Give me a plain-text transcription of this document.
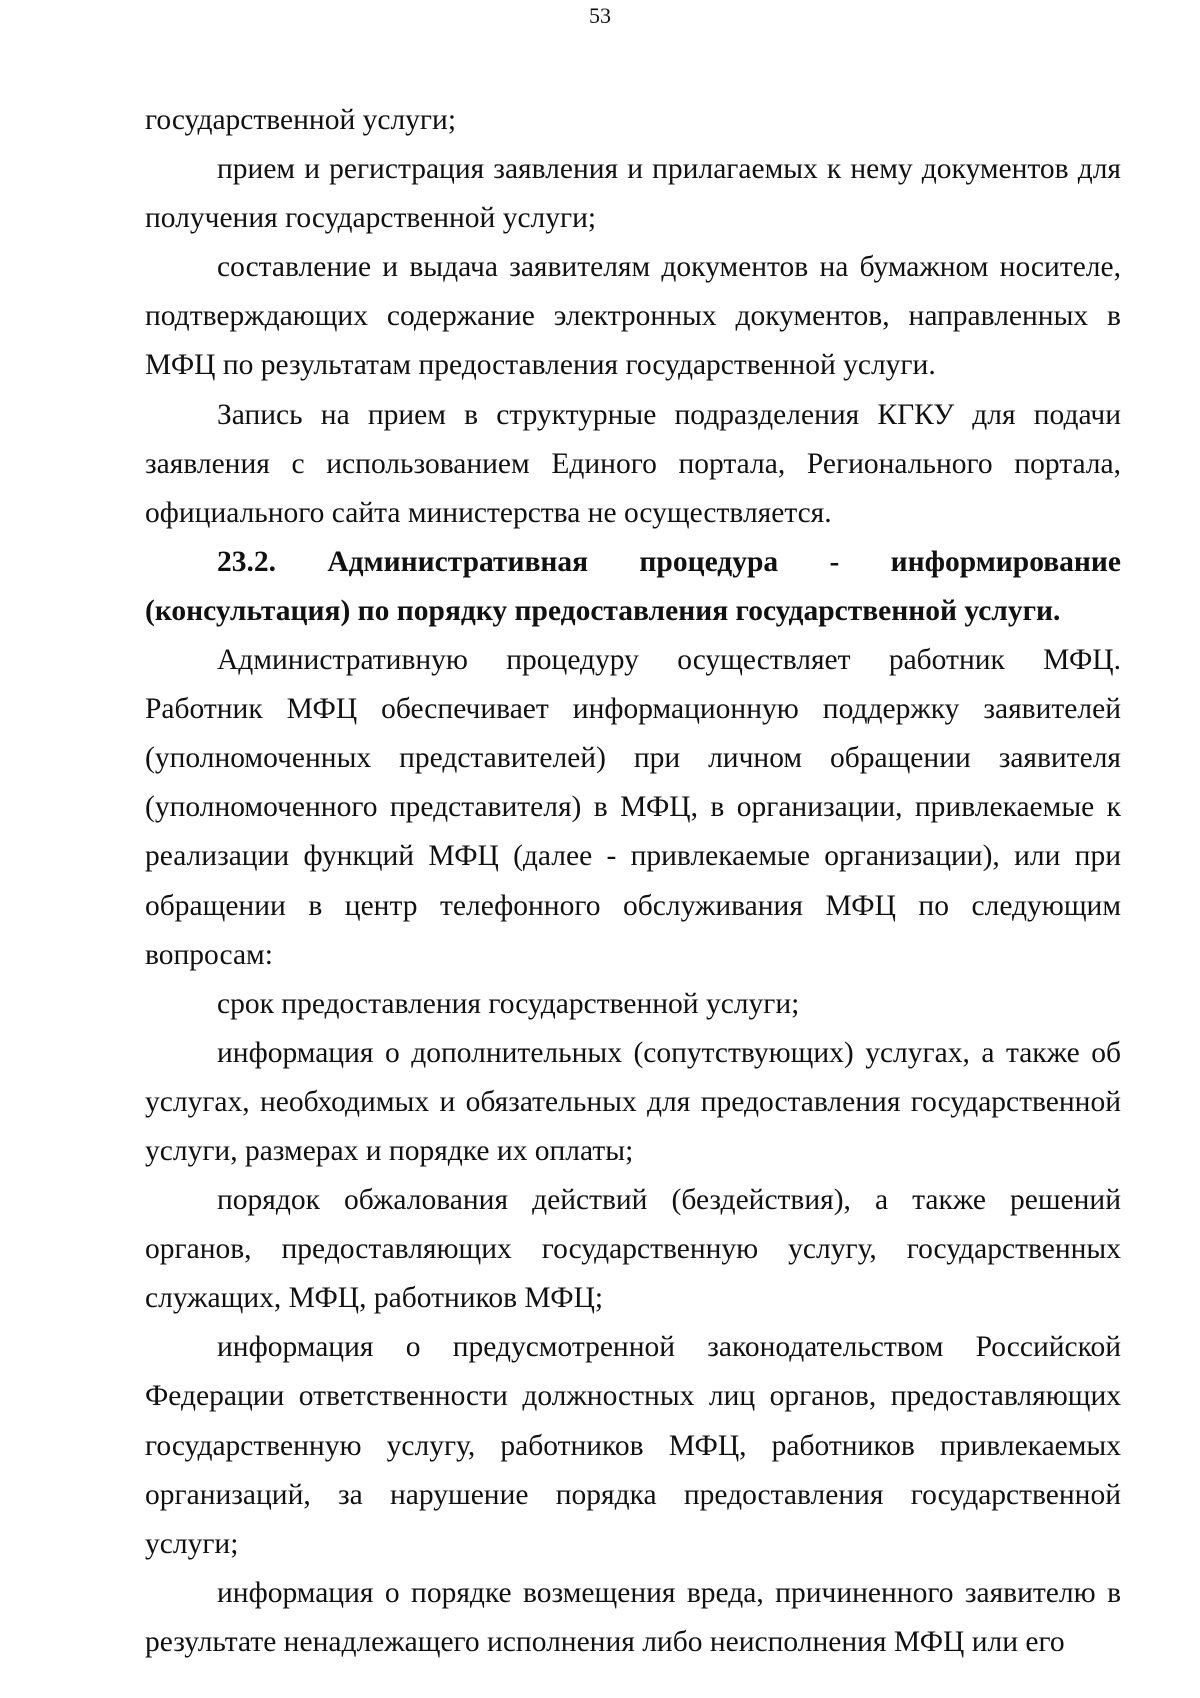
53

государственной услуги;

прием и регистрация заявления и прилагаемых к нему документов для получения государственной услуги;

составление и выдача заявителям документов на бумажном носителе, подтверждающих содержание электронных документов, направленных в МФЦ по результатам предоставления государственной услуги.

Запись на прием в структурные подразделения КГКУ для подачи заявления с использованием Единого портала, Регионального портала, официального сайта министерства не осуществляется.

23.2. Административная процедура - информирование (консультация) по порядку предоставления государственной услуги.

Административную процедуру осуществляет работник МФЦ. Работник МФЦ обеспечивает информационную поддержку заявителей (уполномоченных представителей) при личном обращении заявителя (уполномоченного представителя) в МФЦ, в организации, привлекаемые к реализации функций МФЦ (далее - привлекаемые организации), или при обращении в центр телефонного обслуживания МФЦ по следующим вопросам:

срок предоставления государственной услуги;

информация о дополнительных (сопутствующих) услугах, а также об услугах, необходимых и обязательных для предоставления государственной услуги, размерах и порядке их оплаты;

порядок обжалования действий (бездействия), а также решений органов, предоставляющих государственную услугу, государственных служащих, МФЦ, работников МФЦ;

информация о предусмотренной законодательством Российской Федерации ответственности должностных лиц органов, предоставляющих государственную услугу, работников МФЦ, работников привлекаемых организаций, за нарушение порядка предоставления государственной услуги;

информация о порядке возмещения вреда, причиненного заявителю в результате ненадлежащего исполнения либо неисполнения МФЦ или его
